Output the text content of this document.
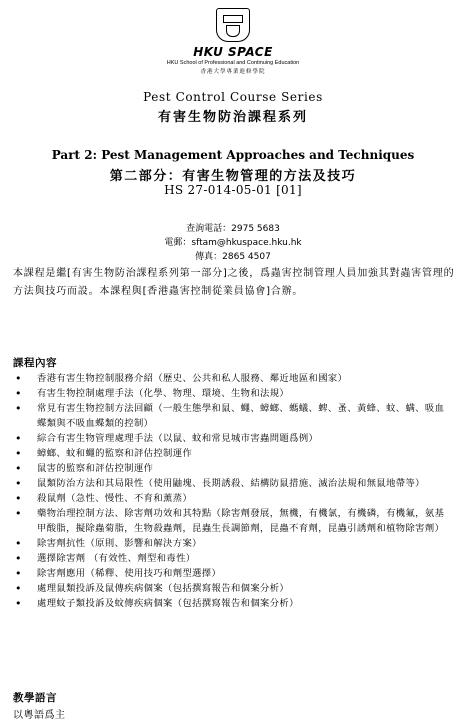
HKU SPACE
HKU School of Professional and Continuing Education
香港大學專業進修學院
Pest Control Course Series
有害生物防治課程系列
Part 2: Pest Management Approaches and Techniques
第二部分：有害生物管理的方法及技巧
HS 27-014-05-01 [01]
查詢電話：2975 5683
電郵：sftam@hkuspace.hku.hk
傳真：2865 4507
本課程是繼[有害生物防治課程系列第一部分]之後，爲蟲害控制管理人員加強其對蟲害管理的方法與技巧而設。本課程與[香港蟲害控制從業員協會]合辦。
課程內容
• 香港有害生物控制服務介紹（歷史、公共和私人服務、鄰近地區和國家）
• 有害生物控制處理手法（化學、物理、環境、生物和法規）
• 常見有害生物控制方法回顧（一般生態學和鼠、蠅、蟑螂、螞蟻、蜱、蚤、黃蜂、蚊、螨、吸血蝶類與不吸血蝶類的控制）
• 綜合有害生物管理處理手法（以鼠、蚊和常見城市害蟲問題爲例）
• 蟑螂、蚊和蠅的監察和評估控制運作
• 鼠害的監察和評估控制運作
• 鼠類防治方法和其局限性（使用鼬塊、長期誘殺、結構防鼠措施、滅治法規和無鼠地帶等）
• 殺鼠劑（急性、慢性、不育和薰蒸）
• 藥物治理控制方法、除害劑功效和其特點（除害劑發展，無機，有機氯，有機磷，有機氟，氨基甲酸脂，擬除蟲菊脂，生物殺蟲劑，昆蟲生長調節劑，昆蟲不育劑，昆蟲引誘劑和植物除害劑）
• 除害劑抗性（原則、影響和解決方案）
• 選擇除害劑 （有效性、劑型和毒性）
• 除害劑應用（稀釋、使用技巧和劑型選擇）
• 處理鼠類投訴及鼠傳疾病個案（包括撰寫報告和個案分析）
• 處理蚊子類投訴及蚊傳疾病個案（包括撰寫報告和個案分析）
教學語言
以粵語爲主
